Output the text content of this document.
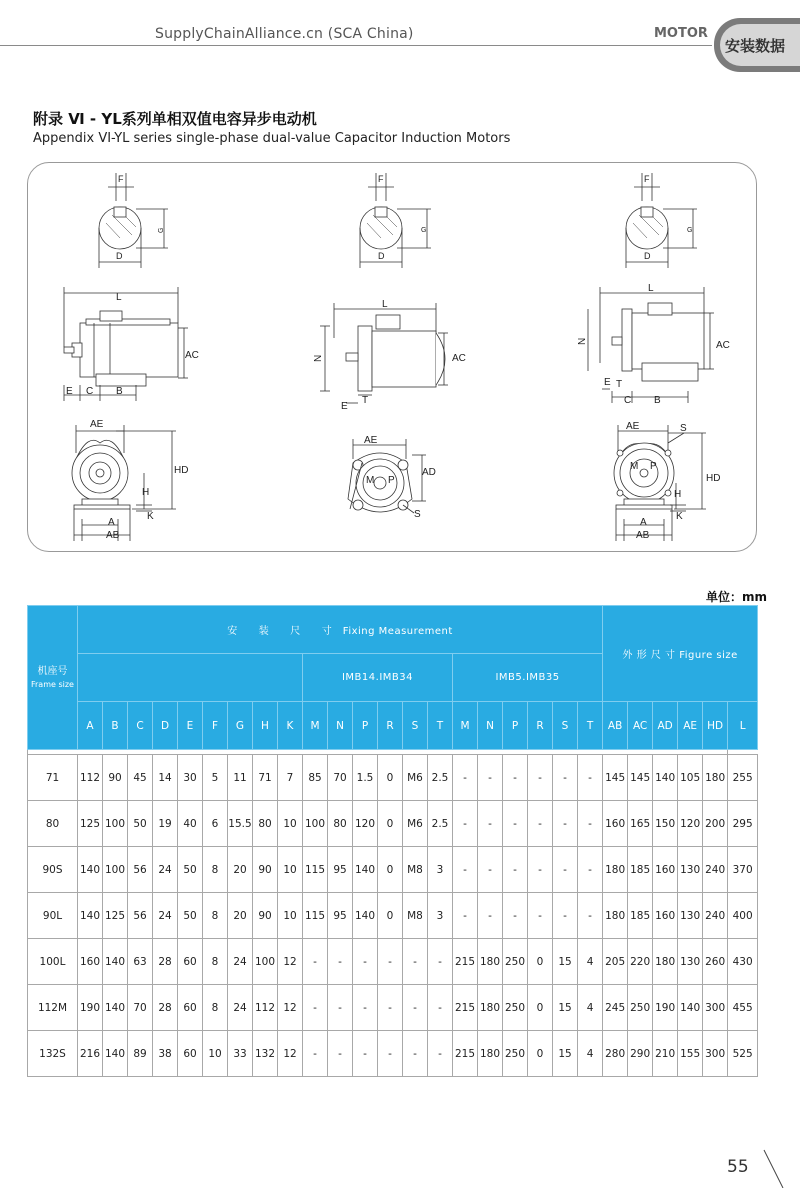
SupplyChainAlliance.cn (SCA China)	MOTOR
安装数据
附录 Ⅵ - YL系列单相双值电容异步电动机
Appendix VI-YL series single-phase dual-value Capacitor Induction Motors
F
D
G
F
D
G
F
D
G
L
AC
E C B
L
N	AC
E
T
L
N	AC
E T
C B
AE
HD
H
K
A
AB
AE
AD
M P
S
AE	S
M P
HD
H
K
A
AB
单位：mm
机座号
Frame size	安　　装　　尺　　寸　Fixing Measurement																					外 形 尺 寸 Figure size					
										IMB14.IMB34						IMB5.IMB35											
	A	B	C	D	E	F	G	H	K	M	N	P	R	S	T	M	N	P	R	S	T	AB	AC	AD	AE	HD	L

71	112	90	45	14	30	5	11	71	7	85	70	1.5	0	M6	2.5	-	-	-	-	-	-	145	145	140	105	180	255
80	125	100	50	19	40	6	15.5	80	10	100	80	120	0	M6	2.5	-	-	-	-	-	-	160	165	150	120	200	295
90S	140	100	56	24	50	8	20	90	10	115	95	140	0	M8	3	-	-	-	-	-	-	180	185	160	130	240	370
90L	140	125	56	24	50	8	20	90	10	115	95	140	0	M8	3	-	-	-	-	-	-	180	185	160	130	240	400
100L	160	140	63	28	60	8	24	100	12	-	-	-	-	-	-	215	180	250	0	15	4	205	220	180	130	260	430
112M	190	140	70	28	60	8	24	112	12	-	-	-	-	-	-	215	180	250	0	15	4	245	250	190	140	300	455
132S	216	140	89	38	60	10	33	132	12	-	-	-	-	-	-	215	180	250	0	15	4	280	290	210	155	300	525
55
